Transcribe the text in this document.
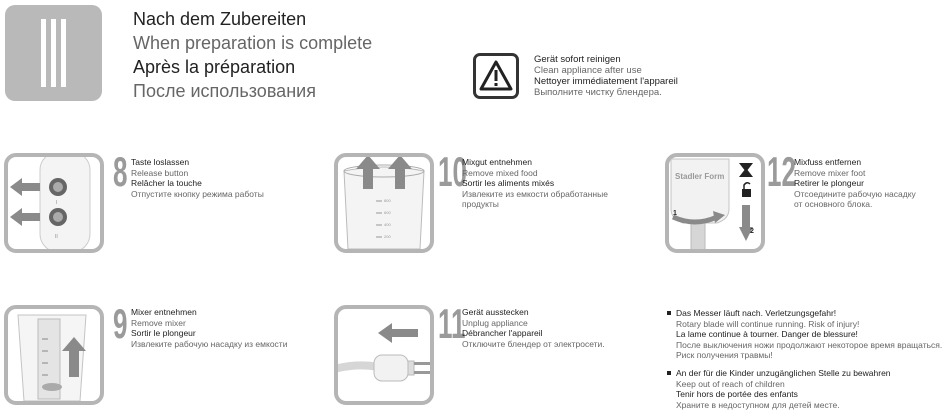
Nach dem Zubereiten
When preparation is complete
Après la préparation
После использования
Gerät sofort reinigen
Clean appliance after use
Nettoyer immédiatement l'appareil
Выполните чистку блендера.
I
II
8 Taste loslassen
Release button
Relâcher la touche
Отпустите кнопку режима работы
800
600
400
200
10
Mixgut entnehmen
Remove mixed food
Sortir les aliments mixés
Извлеките из емкости обработанные
продукты
Stadler Form
2
1
12
Mixfuss entfernen
Remove mixer foot
Retirer le plongeur
Отсоедините рабочую насадку
от основного блока.
9 Mixer entnehmen
Remove mixer
Sortir le plongeur
Извлеките рабочую насадку из емкости	11
Gerät ausstecken
Unplug appliance
Débrancher l'appareil
Отключите блендер от электросети.
Das Messer läuft nach. Verletzungsgefahr!
Rotary blade will continue running. Risk of injury!
La lame continue à tourner. Danger de blessure!
После выключения ножи продолжают некоторое время вращаться.
Риск получения травмы!
An der für die Kinder unzugänglichen Stelle zu bewahren
Keep out of reach of children
Tenir hors de portée des enfants
Храните в недоступном для детей месте.
